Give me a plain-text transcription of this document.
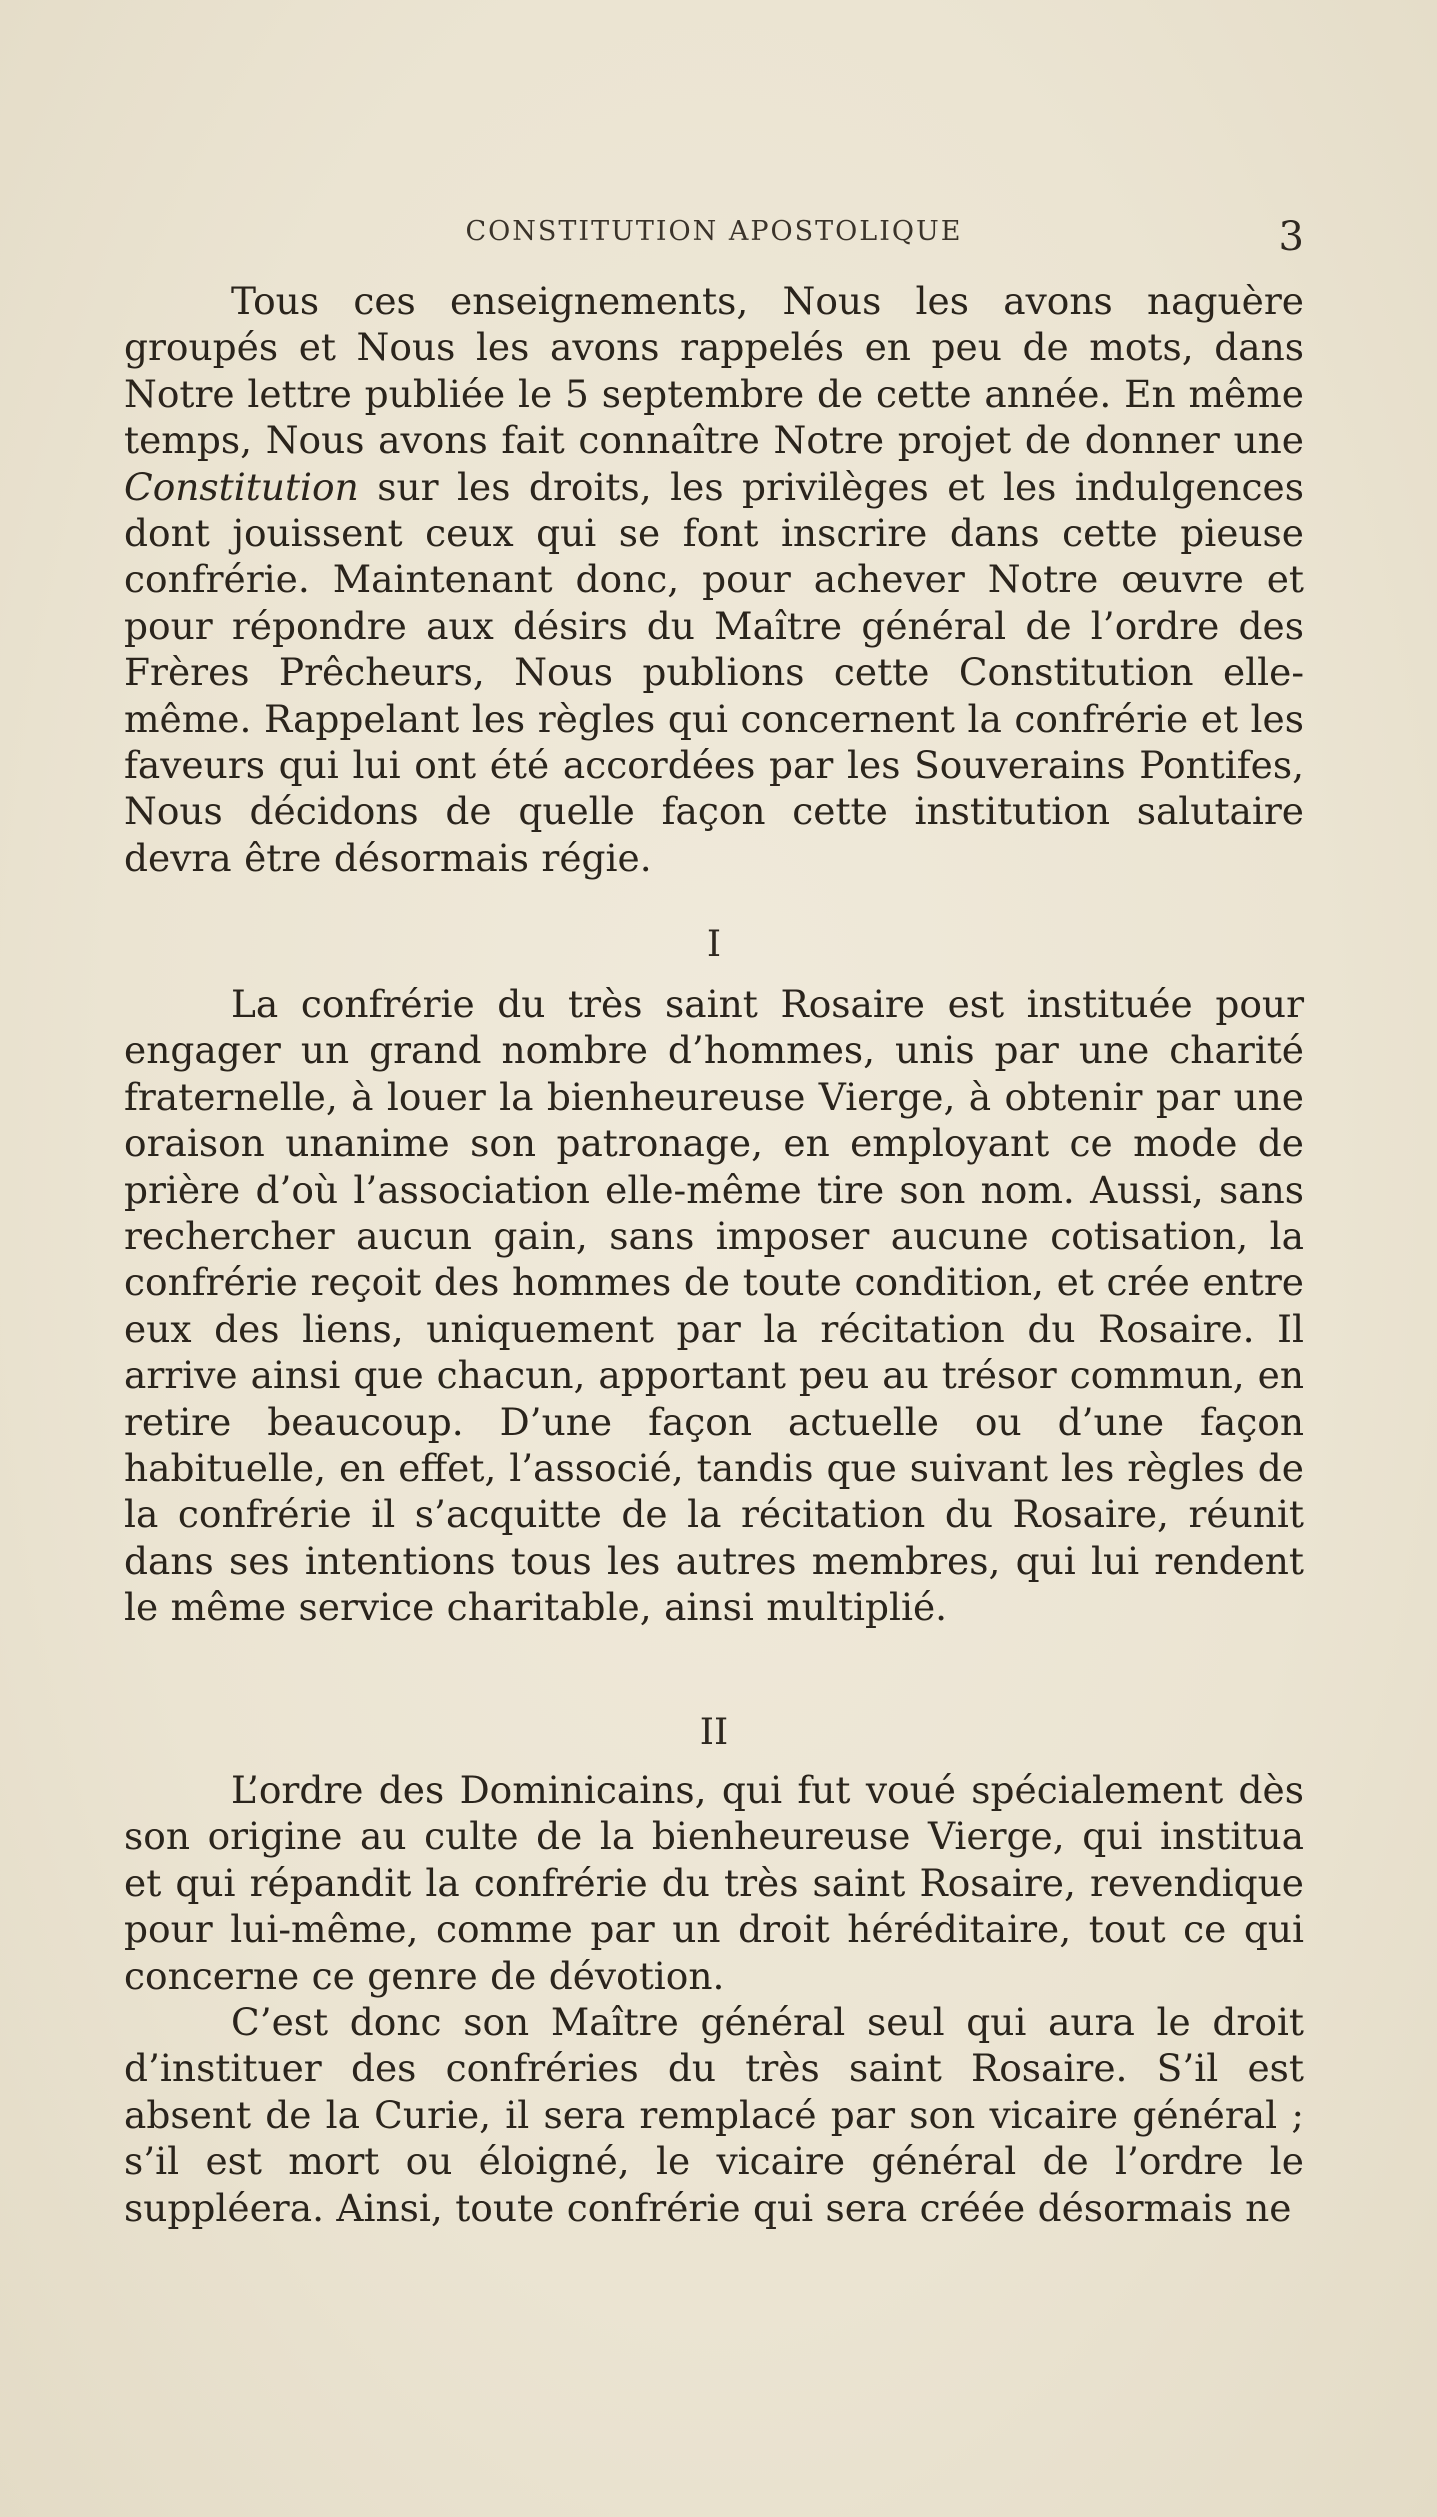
CONSTITUTION APOSTOLIQUE	3

Tous ces enseignements, Nous les avons naguère groupés et Nous les avons rappelés en peu de mots, dans Notre lettre publiée le 5 septembre de cette année. En même temps, Nous avons fait connaître Notre projet de donner une Constitution sur les droits, les privilèges et les indulgences dont jouissent ceux qui se font inscrire dans cette pieuse confrérie. Maintenant donc, pour achever Notre œuvre et pour répondre aux désirs du Maître général de l’ordre des Frères Prêcheurs, Nous publions cette Constitution elle-même. Rappelant les règles qui concernent la confrérie et les faveurs qui lui ont été accordées par les Souverains Pontifes, Nous décidons de quelle façon cette institution salutaire devra être désormais régie.

I

La confrérie du très saint Rosaire est instituée pour engager un grand nombre d’hommes, unis par une charité fraternelle, à louer la bienheureuse Vierge, à obtenir par une oraison unanime son patronage, en employant ce mode de prière d’où l’association elle-même tire son nom. Aussi, sans rechercher aucun gain, sans imposer aucune cotisation, la confrérie reçoit des hommes de toute condition, et crée entre eux des liens, uniquement par la récitation du Rosaire. Il arrive ainsi que chacun, apportant peu au trésor commun, en retire beaucoup. D’une façon actuelle ou d’une façon habituelle, en effet, l’associé, tandis que suivant les règles de la confrérie il s’acquitte de la récitation du Rosaire, réunit dans ses intentions tous les autres membres, qui lui rendent le même service charitable, ainsi multiplié.

II

L’ordre des Dominicains, qui fut voué spécialement dès son origine au culte de la bienheureuse Vierge, qui institua et qui répandit la confrérie du très saint Rosaire, revendique pour lui-même, comme par un droit héréditaire, tout ce qui concerne ce genre de dévotion.

C’est donc son Maître général seul qui aura le droit d’instituer des confréries du très saint Rosaire. S’il est absent de la Curie, il sera remplacé par son vicaire général ; s’il est mort ou éloigné, le vicaire général de l’ordre le suppléera. Ainsi, toute confrérie qui sera créée désormais ne
